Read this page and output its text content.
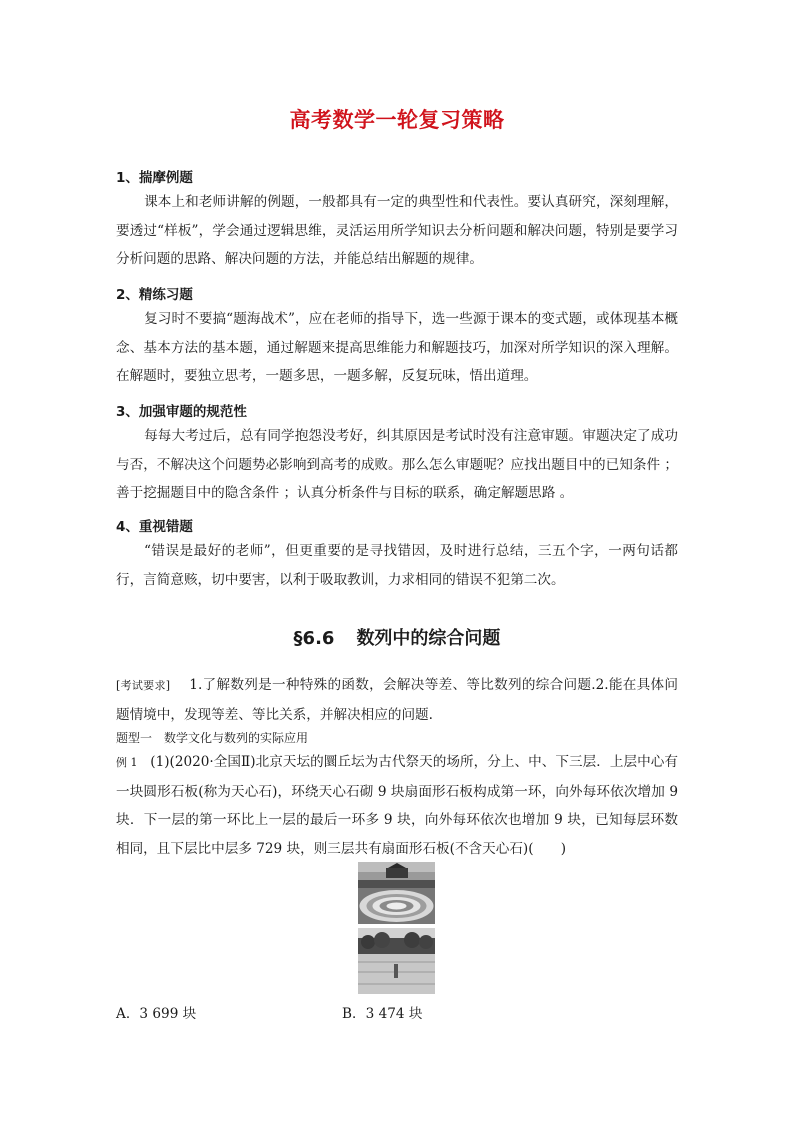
高考数学一轮复习策略
1、揣摩例题
课本上和老师讲解的例题，一般都具有一定的典型性和代表性。要认真研究，深刻理解，要透过“样板”，学会通过逻辑思维，灵活运用所学知识去分析问题和解决问题，特别是要学习分析问题的思路、解决问题的方法，并能总结出解题的规律。
2、精练习题
复习时不要搞“题海战术”，应在老师的指导下，选一些源于课本的变式题，或体现基本概念、基本方法的基本题，通过解题来提高思维能力和解题技巧，加深对所学知识的深入理解。在解题时，要独立思考，一题多思，一题多解，反复玩味，悟出道理。
3、加强审题的规范性
每每大考过后，总有同学抱怨没考好，纠其原因是考试时没有注意审题。审题决定了成功与否，不解决这个问题势必影响到高考的成败。那么怎么审题呢？应找出题目中的已知条件 ；善于挖掘题目中的隐含条件 ；认真分析条件与目标的联系，确定解题思路 。
4、重视错题
“错误是最好的老师”，但更重要的是寻找错因，及时进行总结，三五个字，一两句话都行，言简意赅，切中要害，以利于吸取教训，力求相同的错误不犯第二次。
§6.6 数列中的综合问题
[考试要求] 1.了解数列是一种特殊的函数，会解决等差、等比数列的综合问题.2.能在具体问题情境中，发现等差、等比关系，并解决相应的问题.
题型一　数学文化与数列的实际应用
例 1 (1)(2020·全国Ⅱ)北京天坛的圜丘坛为古代祭天的场所，分上、中、下三层．上层中心有一块圆形石板(称为天心石)，环绕天心石砌 9 块扇面形石板构成第一环，向外每环依次增加 9 块．下一层的第一环比上一层的最后一环多 9 块，向外每环依次也增加 9 块，已知每层环数相同，且下层比中层多 729 块，则三层共有扇面形石板(不含天心石)(　　)
A．3 699 块	B．3 474 块
